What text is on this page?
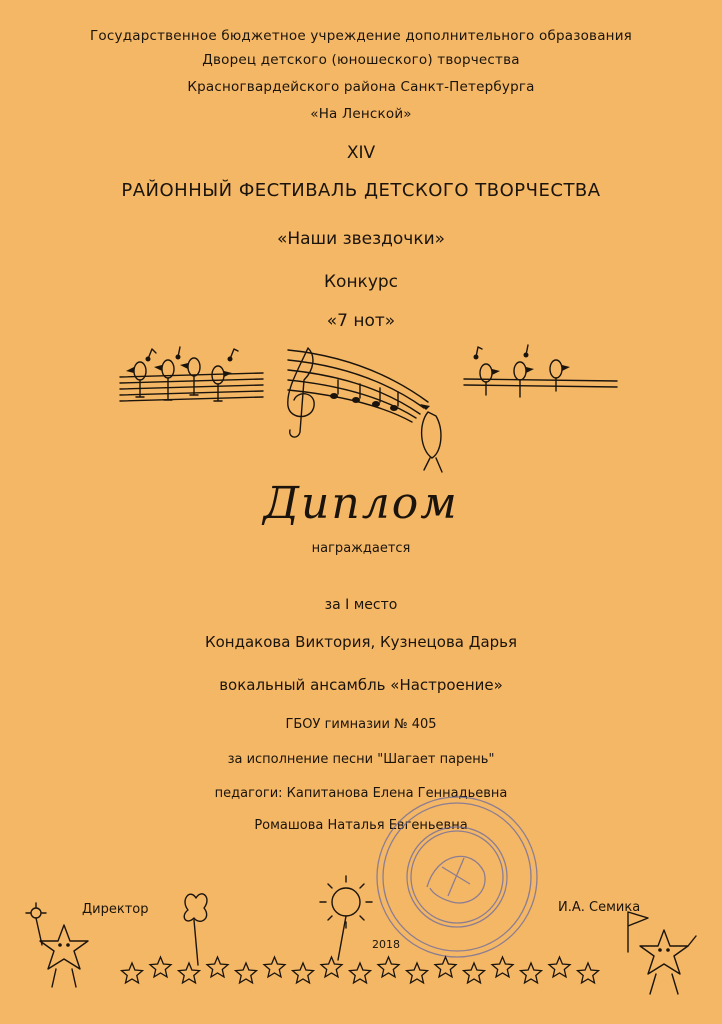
Государственное бюджетное учреждение дополнительного образования
Дворец детского (юношеского) творчества
Красногвардейского района Санкт-Петербурга
«На Ленской»
XIV
РАЙОННЫЙ ФЕСТИВАЛЬ ДЕТСКОГО ТВОРЧЕСТВА
«Наши звездочки»
Конкурс
«7 нот»
Диплом
награждается
за I место
Кондакова Виктория, Кузнецова Дарья
вокальный ансамбль «Настроение»
ГБОУ гимназии № 405
за исполнение песни "Шагает парень"
педагоги: Капитанова Елена Геннадьевна
Ромашова Наталья Евгеньевна
Директор	И.А. Семика
2018
